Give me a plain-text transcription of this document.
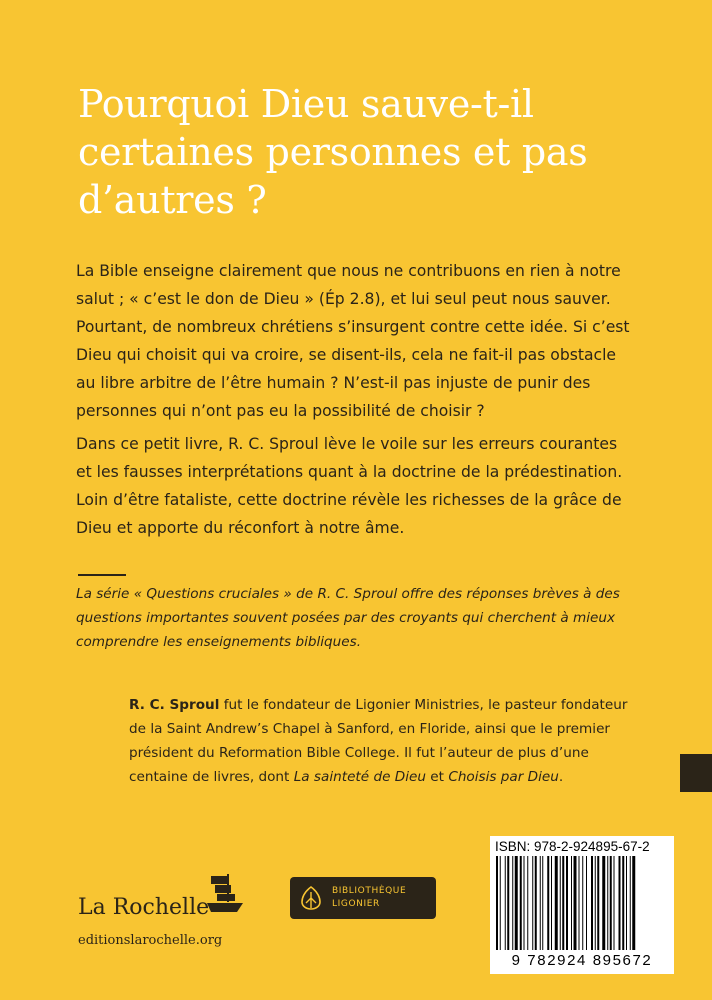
Pourquoi Dieu sauve-t-il
certaines personnes et pas
d’autres ?
La Bible enseigne clairement que nous ne contribuons en rien à notre
salut ; « c’est le don de Dieu » (Ép 2.8), et lui seul peut nous sauver.
Pourtant, de nombreux chrétiens s’insurgent contre cette idée. Si c’est
Dieu qui choisit qui va croire, se disent-ils, cela ne fait-il pas obstacle
au libre arbitre de l’être humain ? N’est-il pas injuste de punir des
personnes qui n’ont pas eu la possibilité de choisir ?
Dans ce petit livre, R. C. Sproul lève le voile sur les erreurs courantes
et les fausses interprétations quant à la doctrine de la prédestination.
Loin d’être fataliste, cette doctrine révèle les richesses de la grâce de
Dieu et apporte du réconfort à notre âme.
La série « Questions cruciales » de R. C. Sproul offre des réponses brèves à des
questions importantes souvent posées par des croyants qui cherchent à mieux
comprendre les enseignements bibliques.
R. C. Sproul fut le fondateur de Ligonier Ministries, le pasteur fondateur
de la Saint Andrew’s Chapel à Sanford, en Floride, ainsi que le premier
président du Reformation Bible College. Il fut l’auteur de plus d’une
centaine de livres, dont La sainteté de Dieu et Choisis par Dieu.
La Rochelle
editionslarochelle.org
BIBLIOTHÈQUE
LIGONIER
ISBN: 978-2-924895-67-2
9 782924 895672
